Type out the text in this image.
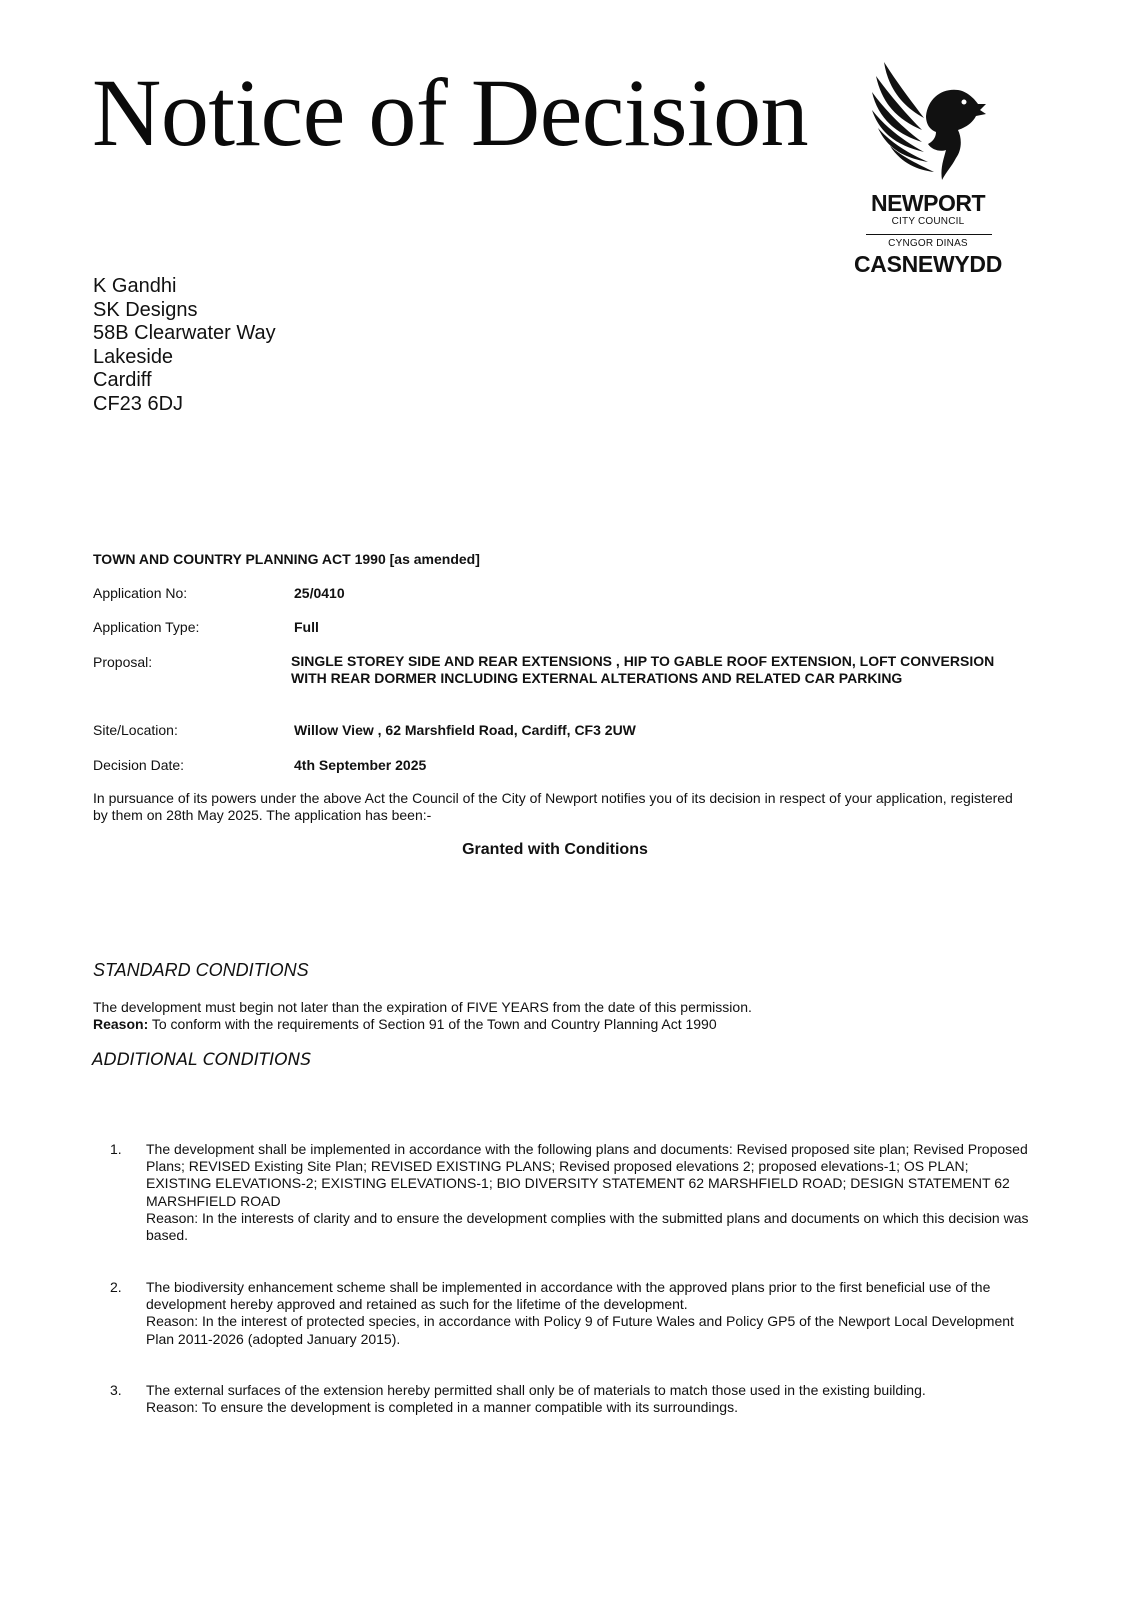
Notice of Decision
NEWPORT
CITY COUNCIL
CYNGOR DINAS
CASNEWYDD
K Gandhi
SK Designs
58B Clearwater Way
Lakeside
Cardiff
CF23 6DJ
TOWN AND COUNTRY PLANNING ACT 1990 [as amended]
Application No:	25/0410
Application Type:	Full
Proposal:	SINGLE STOREY SIDE AND REAR EXTENSIONS , HIP TO GABLE ROOF EXTENSION, LOFT CONVERSION WITH REAR DORMER INCLUDING EXTERNAL ALTERATIONS AND RELATED CAR PARKING
Site/Location:	Willow View , 62 Marshfield Road, Cardiff, CF3 2UW
Decision Date:	4th September 2025
In pursuance of its powers under the above Act the Council of the City of Newport notifies you of its decision in respect of your application, registered by them on 28th May 2025. The application has been:-
Granted with Conditions
STANDARD CONDITIONS
The development must begin not later than the expiration of FIVE YEARS from the date of this permission.
Reason: To conform with the requirements of Section 91 of the Town and Country Planning Act 1990
ADDITIONAL CONDITIONS
1. The development shall be implemented in accordance with the following plans and documents: Revised proposed site plan; Revised Proposed Plans; REVISED Existing Site Plan; REVISED EXISTING PLANS; Revised proposed elevations 2; proposed elevations-1; OS PLAN; EXISTING ELEVATIONS-2; EXISTING ELEVATIONS-1; BIO DIVERSITY STATEMENT 62 MARSHFIELD ROAD; DESIGN STATEMENT 62 MARSHFIELD ROAD
Reason: In the interests of clarity and to ensure the development complies with the submitted plans and documents on which this decision was based.
2. The biodiversity enhancement scheme shall be implemented in accordance with the approved plans prior to the first beneficial use of the development hereby approved and retained as such for the lifetime of the development.
Reason: In the interest of protected species, in accordance with Policy 9 of Future Wales and Policy GP5 of the Newport Local Development Plan 2011-2026 (adopted January 2015).
3. The external surfaces of the extension hereby permitted shall only be of materials to match those used in the existing building.
Reason: To ensure the development is completed in a manner compatible with its surroundings.
